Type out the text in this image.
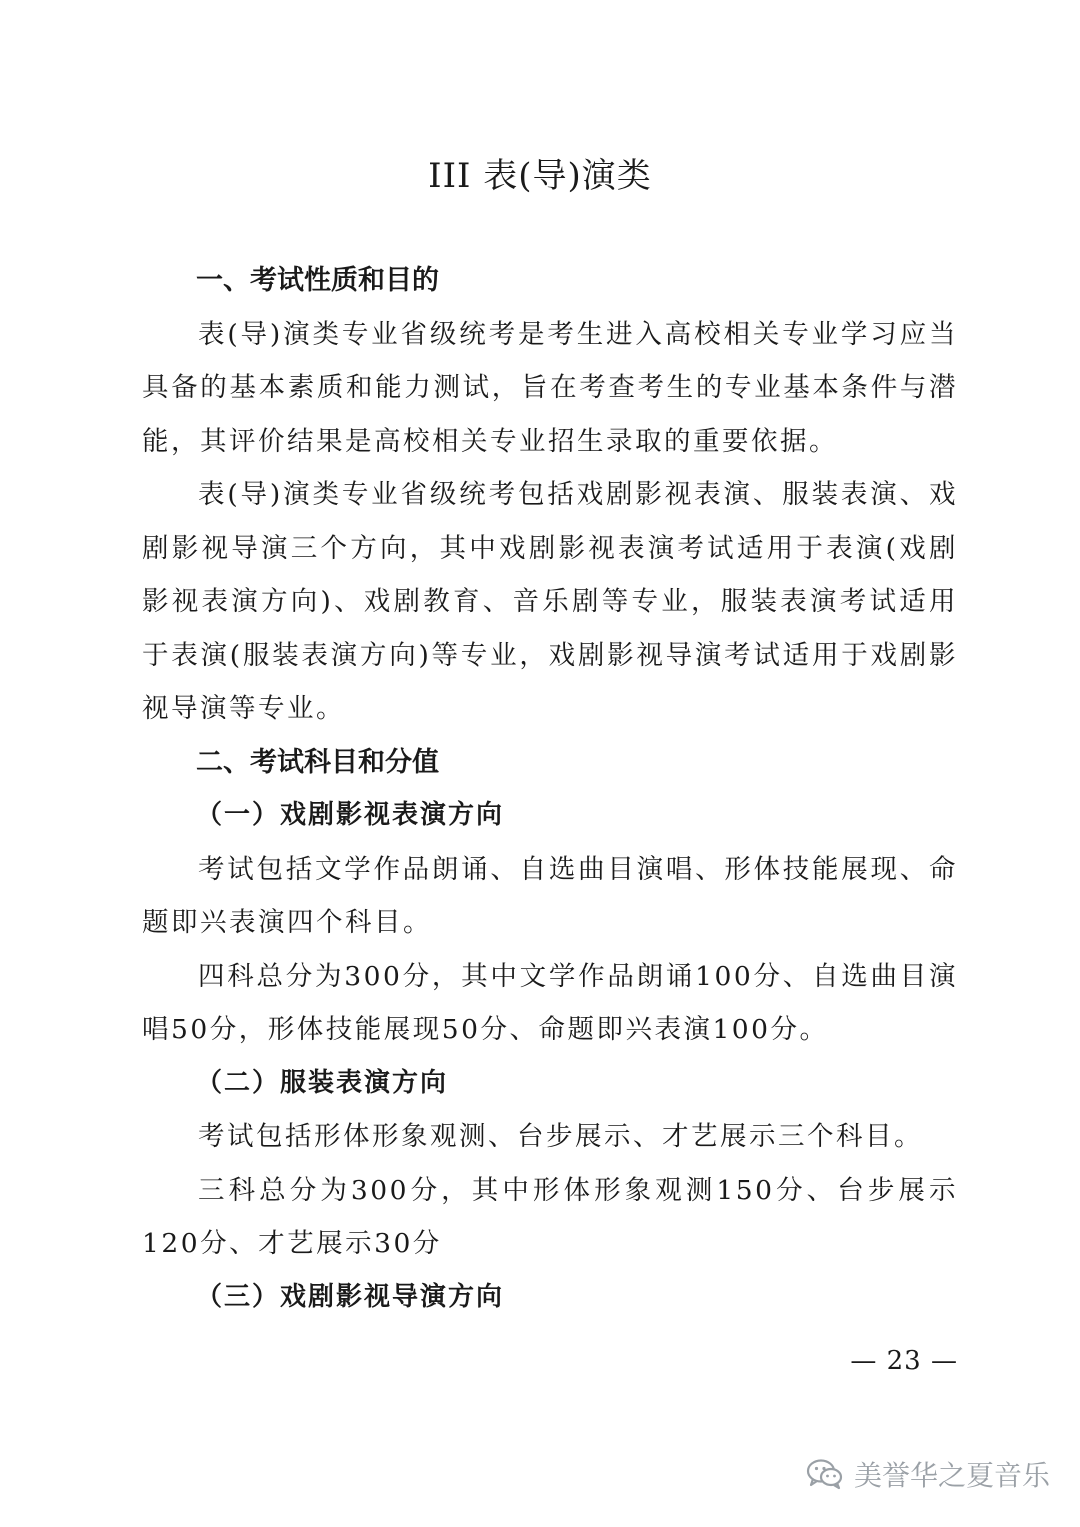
III 表(导)演类

一、考试性质和目的

表(导)演类专业省级统考是考生进入高校相关专业学习应当具备的基本素质和能力测试，旨在考查考生的专业基本条件与潜能，其评价结果是高校相关专业招生录取的重要依据。

表(导)演类专业省级统考包括戏剧影视表演、服装表演、戏剧影视导演三个方向，其中戏剧影视表演考试适用于表演(戏剧影视表演方向)、戏剧教育、音乐剧等专业，服装表演考试适用于表演(服装表演方向)等专业，戏剧影视导演考试适用于戏剧影视导演等专业。

二、考试科目和分值

（一）戏剧影视表演方向

考试包括文学作品朗诵、自选曲目演唱、形体技能展现、命题即兴表演四个科目。

四科总分为300分，其中文学作品朗诵100分、自选曲目演唱50分，形体技能展现50分、命题即兴表演100分。

（二）服装表演方向

考试包括形体形象观测、台步展示、才艺展示三个科目。

三科总分为300分，其中形体形象观测150分、台步展示120分、才艺展示30分

（三）戏剧影视导演方向

— 23 —
美誉华之夏音乐
